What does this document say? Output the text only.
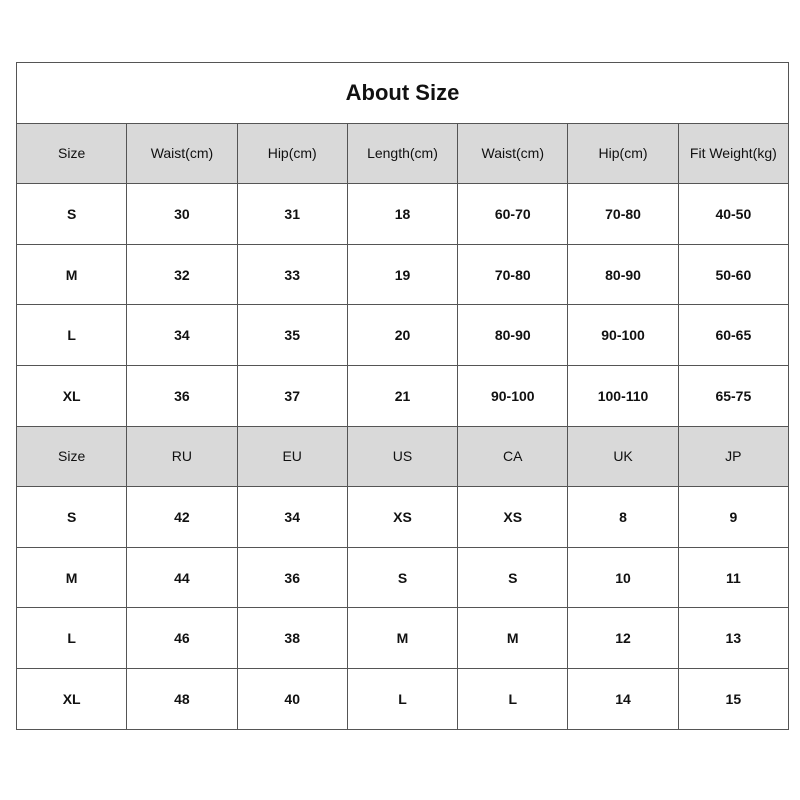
About Size						
Size	Waist(cm)	Hip(cm)	Length(cm)	Waist(cm)	Hip(cm)	Fit Weight(kg)
S	30	31	18	60-70	70-80	40-50
M	32	33	19	70-80	80-90	50-60
L	34	35	20	80-90	90-100	60-65
XL	36	37	21	90-100	100-110	65-75
Size	RU	EU	US	CA	UK	JP
S	42	34	XS	XS	8	9
M	44	36	S	S	10	11
L	46	38	M	M	12	13
XL	48	40	L	L	14	15
